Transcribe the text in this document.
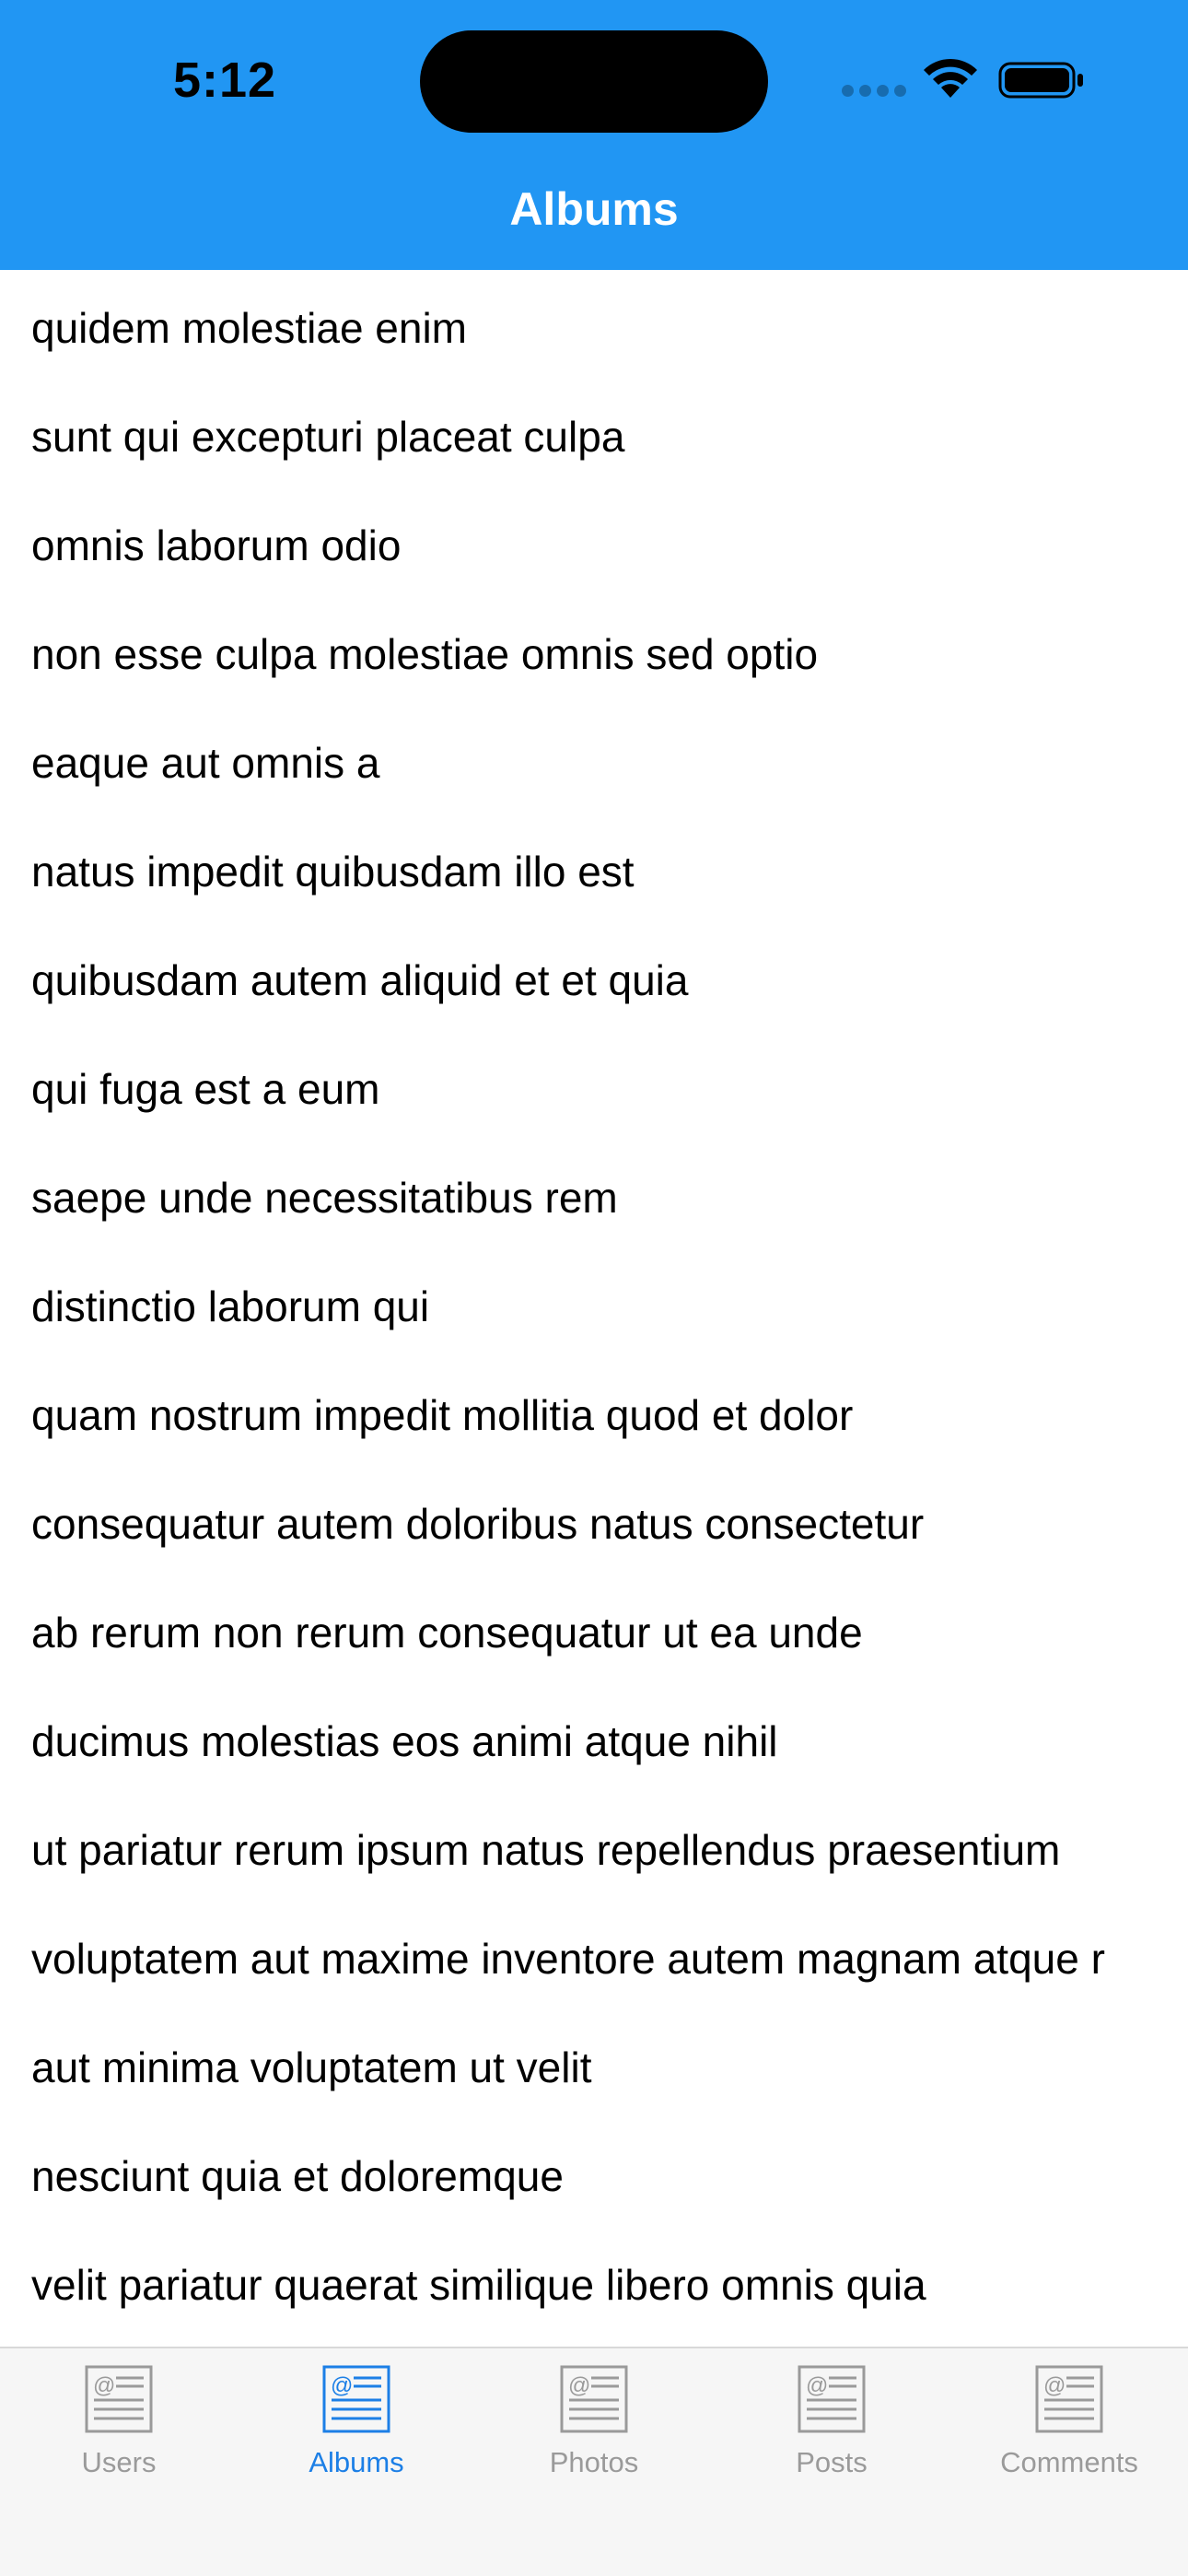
5:12
Albums
quidem molestiae enim
sunt qui excepturi placeat culpa
omnis laborum odio
non esse culpa molestiae omnis sed optio
eaque aut omnis a
natus impedit quibusdam illo est
quibusdam autem aliquid et et quia
qui fuga est a eum
saepe unde necessitatibus rem
distinctio laborum qui
quam nostrum impedit mollitia quod et dolor
consequatur autem doloribus natus consectetur
ab rerum non rerum consequatur ut ea unde
ducimus molestias eos animi atque nihil
ut pariatur rerum ipsum natus repellendus praesentium
voluptatem aut maxime inventore autem magnam atque r
aut minima voluptatem ut velit
nesciunt quia et doloremque
velit pariatur quaerat similique libero omnis quia
@
Users
@
Albums
@
Photos
@
Posts
@
Comments
